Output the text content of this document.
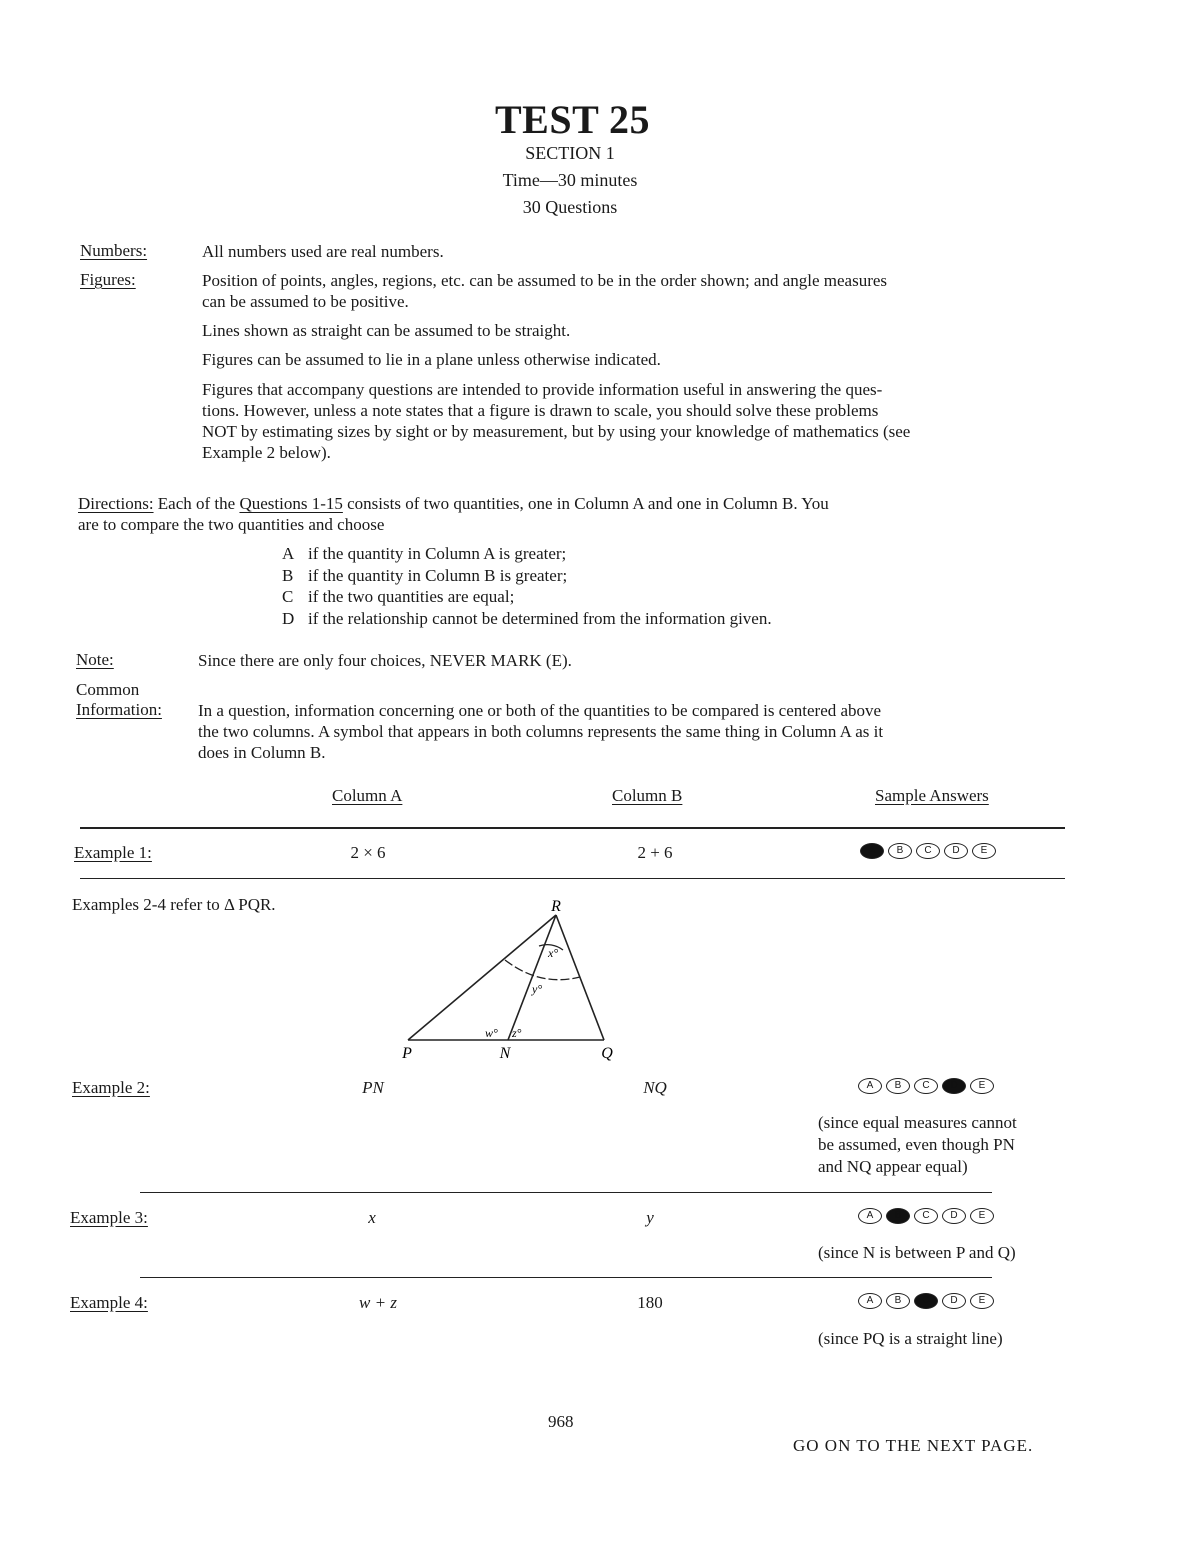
TEST 25
SECTION 1
Time—30 minutes
30 Questions
Numbers:	All numbers used are real numbers.
Figures:	Position of points, angles, regions, etc. can be assumed to be in the order shown; and angle measures
can be assumed to be positive.
Lines shown as straight can be assumed to be straight.
Figures can be assumed to lie in a plane unless otherwise indicated.
Figures that accompany questions are intended to provide information useful in answering the ques-
tions. However, unless a note states that a figure is drawn to scale, you should solve these problems
NOT by estimating sizes by sight or by measurement, but by using your knowledge of mathematics (see
Example 2 below).
Directions: Each of the Questions 1-15 consists of two quantities, one in Column A and one in Column B. You
are to compare the two quantities and choose
A if the quantity in Column A is greater;
B if the quantity in Column B is greater;
C if the two quantities are equal;
D if the relationship cannot be determined from the information given.
Note:	Since there are only four choices, NEVER MARK (E).
Common
Information: In a question, information concerning one or both of the quantities to be compared is centered above
the two columns. A symbol that appears in both columns represents the same thing in Column A as it
does in Column B.
Column A	Column B	Sample Answers
Example 1:	2 × 6	2 + 6	A	B	C	D	E
Examples 2-4 refer to Δ PQR.
x°
y°
w° z°
R
P	N	Q
Example 2:	PN	NQ	A	B	C	D	E
(since equal measures cannot
be assumed, even though PN
and NQ appear equal)
Example 3:	x	y	A	B	C	D	E
(since N is between P and Q)
Example 4:	w + z	180	A	B	C	D	E
(since PQ is a straight line)
968
GO ON TO THE NEXT PAGE.
